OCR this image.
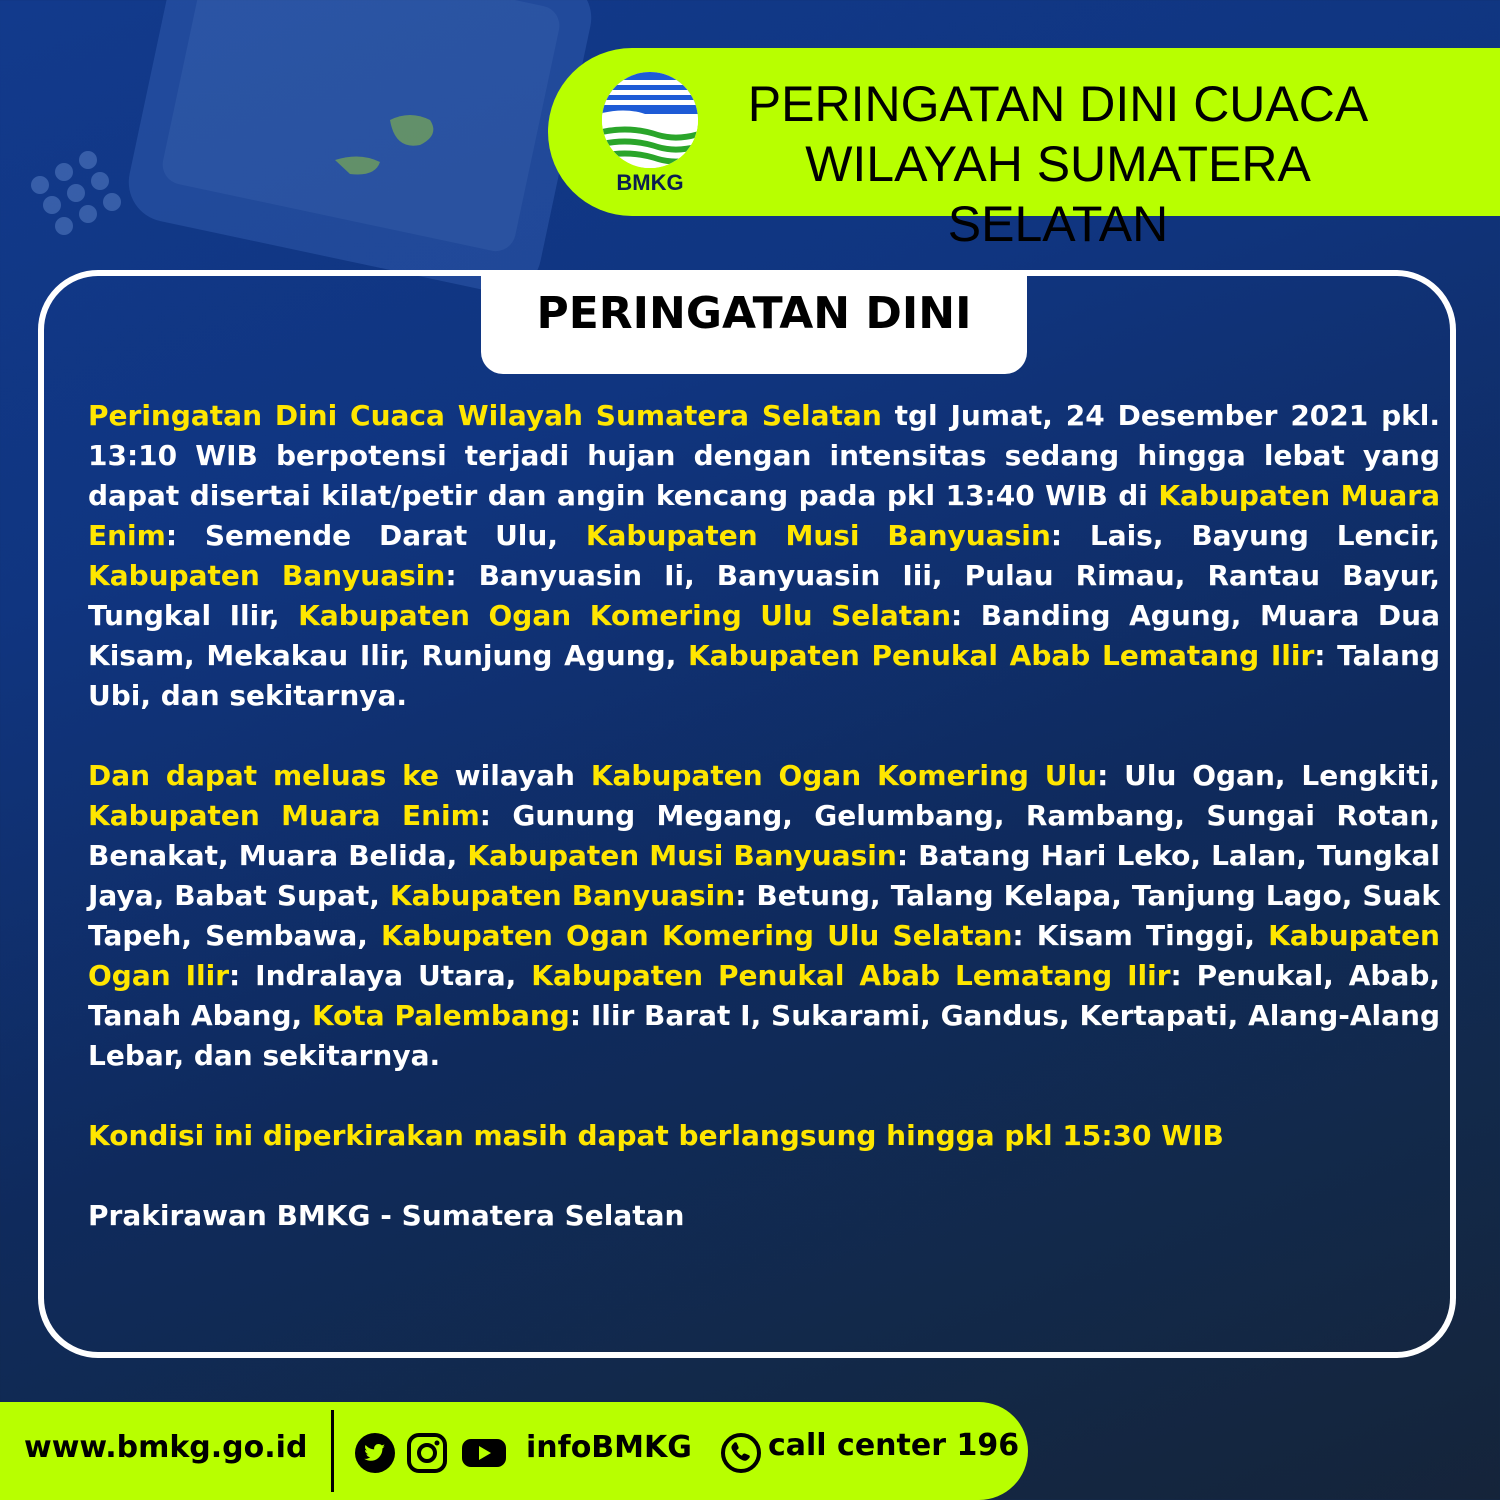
BMKG
PERINGATAN DINI CUACA
WILAYAH SUMATERA SELATAN
PERINGATAN DINI

Peringatan Dini Cuaca Wilayah Sumatera Selatan tgl Jumat, 24 Desember 2021 pkl. 13:10 WIB berpotensi terjadi hujan dengan intensitas sedang hingga lebat yang dapat disertai kilat/petir dan angin kencang pada pkl 13:40 WIB di Kabupaten Muara Enim: Semende Darat Ulu, Kabupaten Musi Banyuasin: Lais, Bayung Lencir, Kabupaten Banyuasin: Banyuasin Ii, Banyuasin Iii, Pulau Rimau, Rantau Bayur, Tungkal Ilir, Kabupaten Ogan Komering Ulu Selatan: Banding Agung, Muara Dua Kisam, Mekakau Ilir, Runjung Agung, Kabupaten Penukal Abab Lematang Ilir: Talang Ubi, dan sekitarnya.

Dan dapat meluas ke wilayah Kabupaten Ogan Komering Ulu: Ulu Ogan, Lengkiti, Kabupaten Muara Enim: Gunung Megang, Gelumbang, Rambang, Sungai Rotan, Benakat, Muara Belida, Kabupaten Musi Banyuasin: Batang Hari Leko, Lalan, Tungkal Jaya, Babat Supat, Kabupaten Banyuasin: Betung, Talang Kelapa, Tanjung Lago, Suak Tapeh, Sembawa, Kabupaten Ogan Komering Ulu Selatan: Kisam Tinggi, Kabupaten Ogan Ilir: Indralaya Utara, Kabupaten Penukal Abab Lematang Ilir: Penukal, Abab, Tanah Abang, Kota Palembang: Ilir Barat I, Sukarami, Gandus, Kertapati, Alang-Alang Lebar, dan sekitarnya.

Kondisi ini diperkirakan masih dapat berlangsung hingga pkl 15:30 WIB

Prakirawan BMKG - Sumatera Selatan

www.bmkg.go.id	infoBMKG	call center 196
